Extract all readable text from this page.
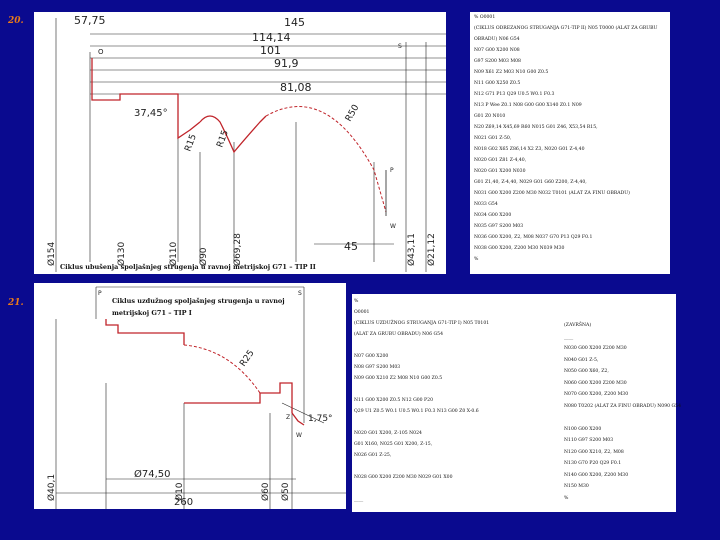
20.	57,75	145
114,14
101
91,9
81,08
37,45°
R15 R15
R50
45
Ø154	Ø130	Ø110 Ø90	Ø69,28	Ø43,11 Ø21,12
O
S
P
W
Ciklus ubušenja spoljašnjeg strugenja u ravnoj metrijskoj G71 – TIP II
% O0001
(CIKLUS ODREZANOG STRUGANJA G71-TIP II) N05 T0000 (ALAT ZA GRUBU
OBRADU) N06 G54
N07 G00 X200 N08
G97 S200 M03 M08
N09 X61 Z2 M03 N10 G00 Z0.5
N11 G00 X250 Z0.5
N12 G71 P13 Q29 U0.5 W0.1 F0.3
N13 P Wee Z0.1 N08 G00 G00 X140 Z0.1 N09
G01 Z0 N010
N20 Z69,14 X45,69 R60 N015 G01 Z46, X53,54 R15,
N021 G01 Z-50,
N018 G02 X65 Z86,14 X2 Z3, N020 G01 Z-4,40
N020 G01 Z81 Z-4,40,
N020 G01 X200 N030
G01 Z1,40, Z-4,40, N029 G01 G60 Z200, Z-4,40,
N031 G00 X200 Z200 M30 N032 T0101 (ALAT ZA FINU OBRADU)
N033 G54
N034 G00 X200
N035 G97 S200 M03
N036 G00 X200, Z2, M08 N037 G70 P13 Q29 F0.1
N038 G00 X200, Z200 M30 N039 M30
%
21.
P	S
W
Z
R25
1,75°
Ø40,1	Ø10	Ø60 Ø50
Ø74,50
260
Ciklus uzdužnog spoljašnjeg strugenja u ravnoj
metrijskoj G71 – TIP I
%
O0001
(CIKLUS UZDUŽNOG STRUGANJA G71-TIP I) N05 T0101
(ALAT ZA GRUBU OBRADU) N06 G54
N07 G00 X200
N08 G97 S200 M03
N09 G00 X210 Z2 M08 N10 G00 Z0.5
N11 G00 X200 Z0.5 N12 G00 P20
Q29 U1 Z0.5 W0.1 U0.5 W0.1 F0.3 N13 G00 Z0 X-0.6
N020 G01 X200, Z-105 N024
G01 X160, N025 G01 X200, Z-15,
N026 G01 Z-25,
N028 G00 X200 Z200 M30 N029 G01 X00
____
(ZAVRŠNA)
____
N030 G00 X200 Z200 M30
N040 G01 Z-5,
N050 G00 X60, Z2,
N060 G00 X200 Z200 M30
N070 G00 X200, Z200 M30
N080 T0202 (ALAT ZA FINU OBRADU) N090 G54
N100 G00 X200
N110 G97 S200 M03
N120 G00 X210, Z2, M08
N130 G70 P20 Q29 F0.1
N140 G00 X200, Z200 M30
N150 M30
%
